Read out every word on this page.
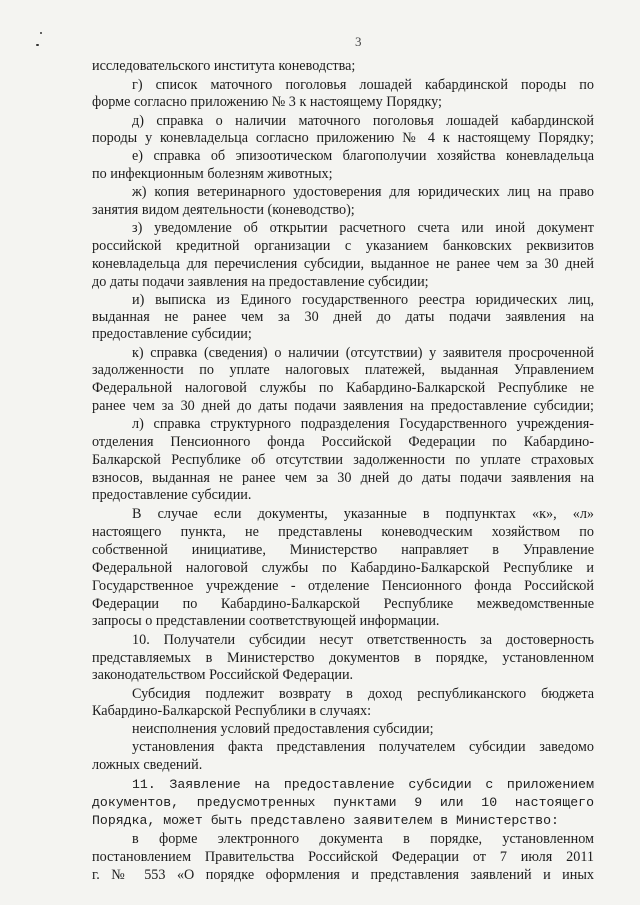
3
исследовательского института коневодства;
г) список маточного поголовья лошадей кабардинской породы по
форме согласно приложению № 3 к настоящему Порядку;
д) справка о наличии маточного поголовья лошадей кабардинской
породы у коневладельца согласно приложению № 4 к настоящему Порядку;
е) справка об эпизоотическом благополучии хозяйства коневладельца
по инфекционным болезням животных;
ж) копия ветеринарного удостоверения для юридических лиц на право
занятия видом деятельности (коневодство);
з) уведомление об открытии расчетного счета или иной документ
российской кредитной организации с указанием банковских реквизитов
коневладельца для перечисления субсидии, выданное не ранее чем за 30 дней
до даты подачи заявления на предоставление субсидии;
и) выписка из Единого государственного реестра юридических лиц,
выданная не ранее чем за 30 дней до даты подачи заявления на
предоставление субсидии;
к) справка (сведения) о наличии (отсутствии) у заявителя просроченной
задолженности по уплате налоговых платежей, выданная Управлением
Федеральной налоговой службы по Кабардино-Балкарской Республике не
ранее чем за 30 дней до даты подачи заявления на предоставление субсидии;
л) справка структурного подразделения Государственного учреждения-
отделения Пенсионного фонда Российской Федерации по Кабардино-
Балкарской Республике об отсутствии задолженности по уплате страховых
взносов, выданная не ранее чем за 30 дней до даты подачи заявления на
предоставление субсидии.
В случае если документы, указанные в подпунктах «к», «л»
настоящего пункта, не представлены коневодческим хозяйством по
собственной инициативе, Министерство направляет в Управление
Федеральной налоговой службы по Кабардино-Балкарской Республике и
Государственное учреждение - отделение Пенсионного фонда Российской
Федерации по Кабардино-Балкарской Республике межведомственные
запросы о представлении соответствующей информации.
10. Получатели субсидии несут ответственность за достоверность
представляемых в Министерство документов в порядке, установленном
законодательством Российской Федерации.
Субсидия подлежит возврату в доход республиканского бюджета
Кабардино-Балкарской Республики в случаях:
неисполнения условий предоставления субсидии;
установления факта представления получателем субсидии заведомо
ложных сведений.
11. Заявление на предоставление субсидии с приложением
документов, предусмотренных пунктами 9 или 10 настоящего
Порядка, может быть представлено заявителем в Министерство:
в форме электронного документа в порядке, установленном
постановлением Правительства Российской Федерации от 7 июля 2011
г. № 553 «О порядке оформления и представления заявлений и иных
